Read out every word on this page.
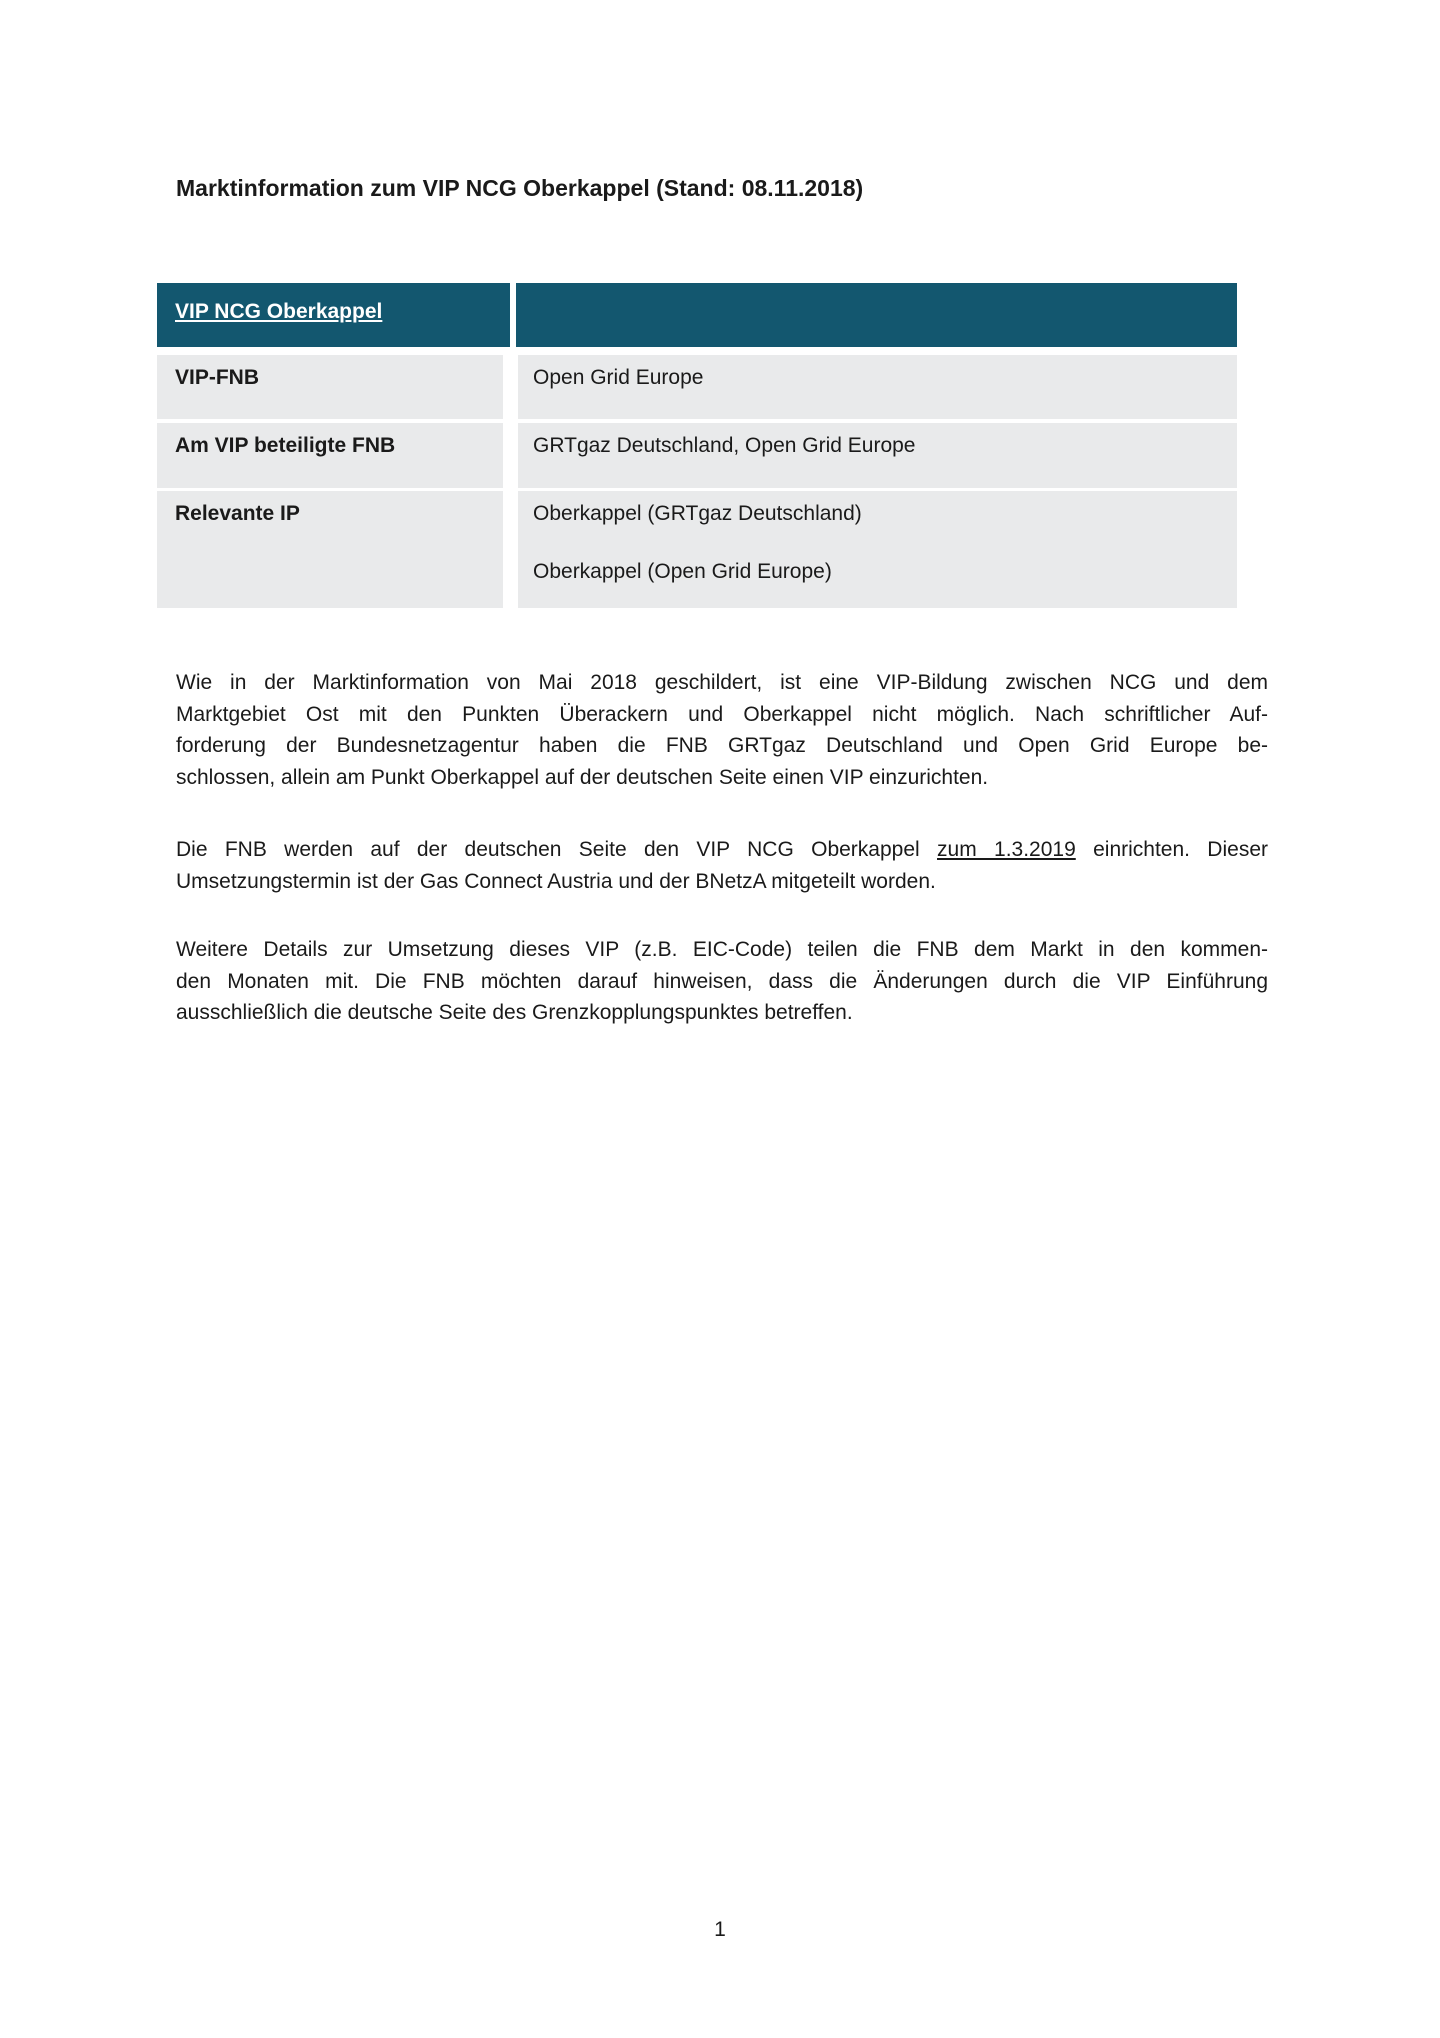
Marktinformation zum VIP NCG Oberkappel (Stand: 08.11.2018)
VIP NCG Oberkappel
VIP-FNB	Open Grid Europe
Am VIP beteiligte FNB	GRTgaz Deutschland, Open Grid Europe
Relevante IP	Oberkappel (GRTgaz Deutschland)
Oberkappel (Open Grid Europe)
Wie in der Marktinformation von Mai 2018 geschildert, ist eine VIP-Bildung zwischen NCG und dem
Marktgebiet Ost mit den Punkten Überackern und Oberkappel nicht möglich. Nach schriftlicher Auf-
forderung der Bundesnetzagentur haben die FNB GRTgaz Deutschland und Open Grid Europe be-
schlossen, allein am Punkt Oberkappel auf der deutschen Seite einen VIP einzurichten.
Die FNB werden auf der deutschen Seite den VIP NCG Oberkappel zum 1.3.2019 einrichten. Dieser
Umsetzungstermin ist der Gas Connect Austria und der BNetzA mitgeteilt worden.
Weitere Details zur Umsetzung dieses VIP (z.B. EIC-Code) teilen die FNB dem Markt in den kommen-
den Monaten mit. Die FNB möchten darauf hinweisen, dass die Änderungen durch die VIP Einführung
ausschließlich die deutsche Seite des Grenzkopplungspunktes betreffen.
1
